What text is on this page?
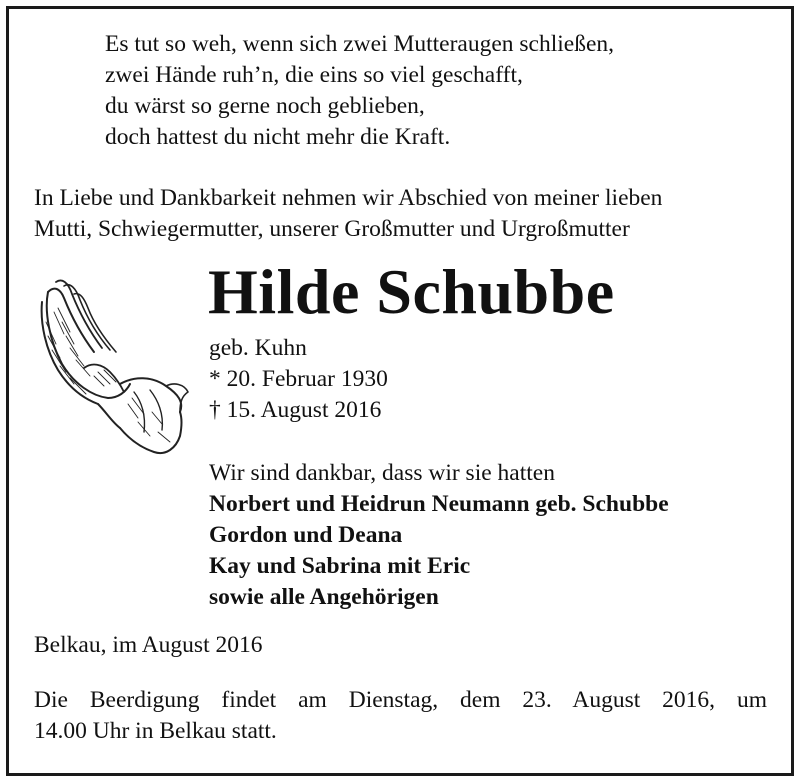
Es tut so weh, wenn sich zwei Mutteraugen schließen,
zwei Hände ruh’n, die eins so viel geschafft,
du wärst so gerne noch geblieben,
doch hattest du nicht mehr die Kraft.
In Liebe und Dankbarkeit nehmen wir Abschied von meiner lieben
Mutti, Schwiegermutter, unserer Großmutter und Urgroßmutter
Hilde Schubbe
geb. Kuhn
* 20. Februar 1930
† 15. August 2016
Wir sind dankbar, dass wir sie hatten
Norbert und Heidrun Neumann geb. Schubbe
Gordon und Deana
Kay und Sabrina mit Eric
sowie alle Angehörigen
Belkau, im August 2016
Die Beerdigung findet am Dienstag, dem 23. August 2016, um
14.00 Uhr in Belkau statt.
